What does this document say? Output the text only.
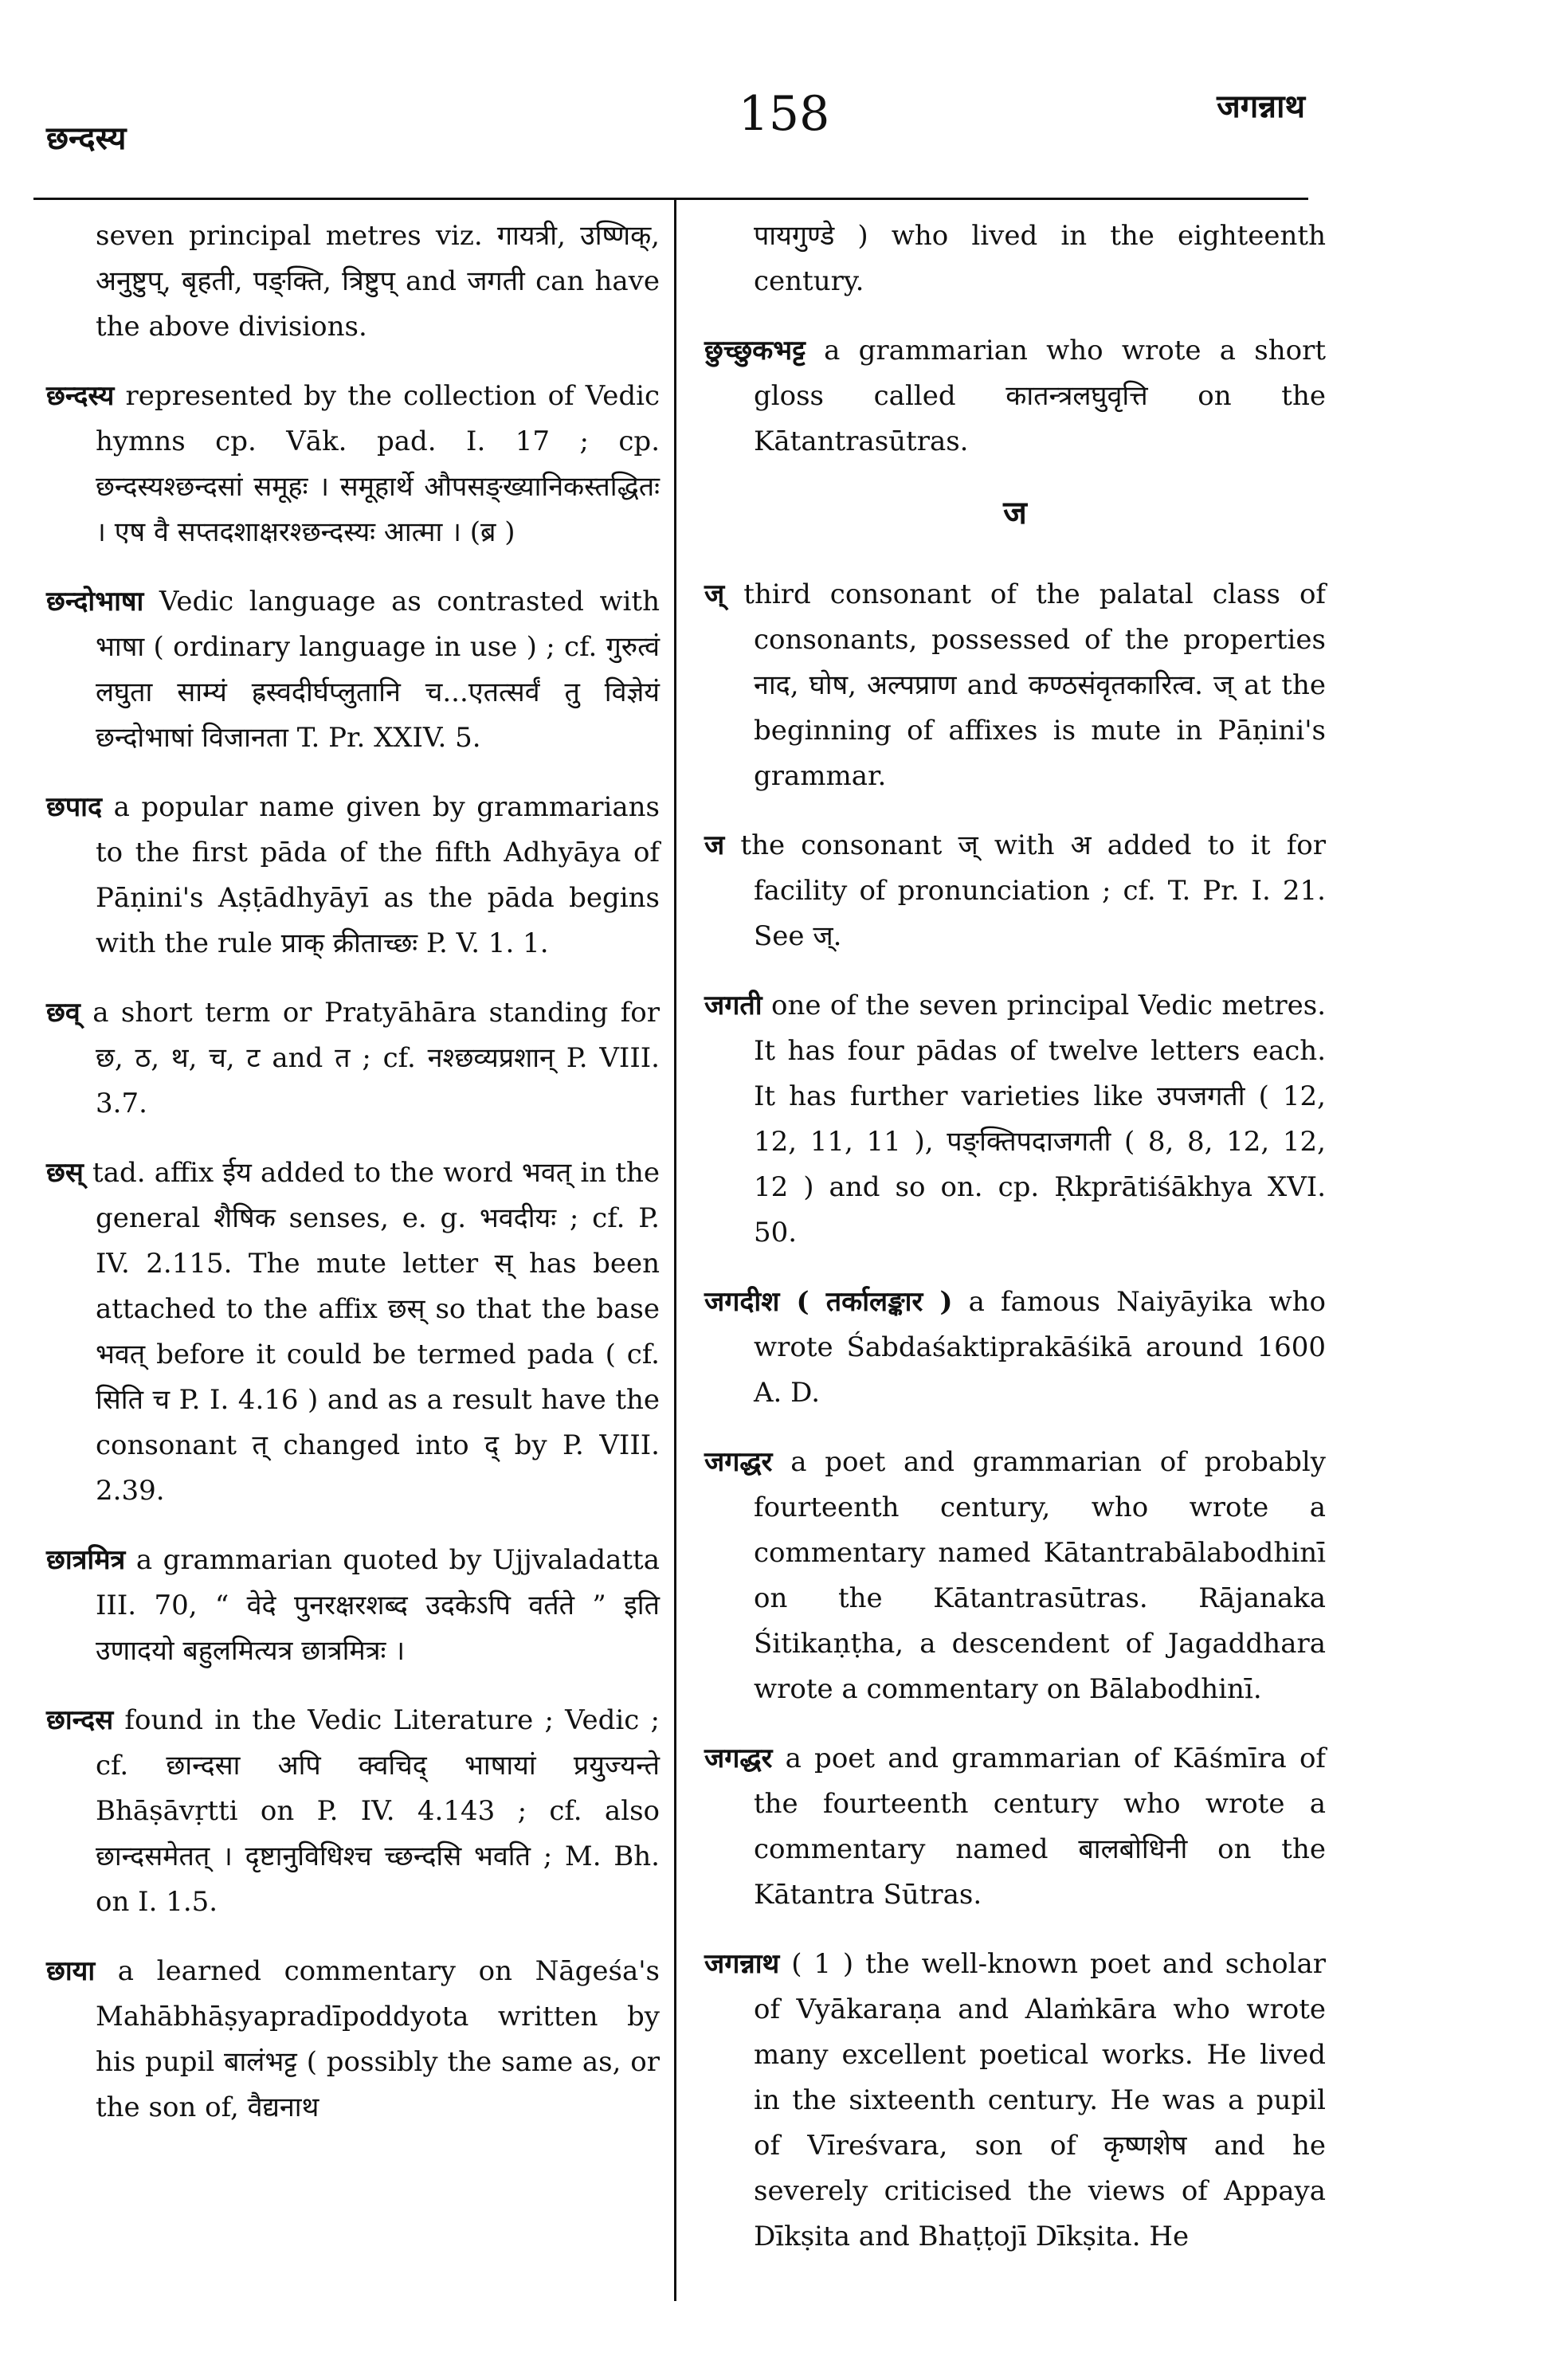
छन्दस्य	158	जगन्नाथ

seven principal metres viz. गायत्री, उष्णिक्, अनुष्टुप्, बृहती, पङ्क्ति, त्रिष्टुप् and जगती can have the above divisions.

छन्दस्य represented by the collection of Vedic hymns cp. Vāk. pad. I. 17 ; cp. छन्दस्यश्छन्दसां समूहः । समूहार्थे औपसङ्ख्यानिकस्तद्धितः । एष वै सप्तदशाक्षरश्छन्दस्यः आत्मा । (ब्र )

छन्दोभाषा Vedic language as contrasted with भाषा ( ordinary language in use ) ; cf. गुरुत्वं लघुता साम्यं ह्रस्वदीर्घप्लुतानि च...एतत्सर्वं तु विज्ञेयं छन्दोभाषां विजानता T. Pr. XXIV. 5.

छपाद a popular name given by grammarians to the first pāda of the fifth Adhyāya of Pāṇini's Aṣṭādhyāyī as the pāda begins with the rule प्राक् क्रीताच्छः P. V. 1. 1.

छव् a short term or Pratyāhāra standing for छ, ठ, थ, च, ट and त ; cf. नश्छव्यप्रशान् P. VIII. 3.7.

छस् tad. affix ईय added to the word भवत् in the general शैषिक senses, e. g. भवदीयः ; cf. P. IV. 2.115. The mute letter स् has been attached to the affix छस् so that the base भवत् before it could be termed pada ( cf. सिति च P. I. 4.16 ) and as a result have the consonant त् changed into द् by P. VIII. 2.39.

छात्रमित्र a grammarian quoted by Ujjvaladatta III. 70, “ वेदे पुनरक्षरशब्द उदकेऽपि वर्तते ” इति उणादयो बहुलमित्यत्र छात्रमित्रः ।

छान्दस found in the Vedic Literature ; Vedic ; cf. छान्दसा अपि क्वचिद् भाषायां प्रयुज्यन्ते Bhāṣāvṛtti on P. IV. 4.143 ; cf. also छान्दसमेतत् । दृष्टानुविधिश्च च्छन्दसि भवति ; M. Bh. on I. 1.5.

छाया a learned commentary on Nāgeśa's Mahābhāṣyapradīpoddyota written by his pupil बालंभट्ट ( possibly the same as, or the son of, वैद्यनाथ

पायगुण्डे ) who lived in the eighteenth century.

छुच्छुकभट्ट a grammarian who wrote a short gloss called कातन्त्रलघुवृत्ति on the Kātantrasūtras.

ज

ज् third consonant of the palatal class of consonants, possessed of the properties नाद, घोष, अल्पप्राण and कण्ठसंवृतकारित्व. ज् at the beginning of affixes is mute in Pāṇini's grammar.

ज the consonant ज् with अ added to it for facility of pronunciation ; cf. T. Pr. I. 21. See ज्.

जगती one of the seven principal Vedic metres. It has four pādas of twelve letters each. It has further varieties like उपजगती ( 12, 12, 11, 11 ), पङ्क्तिपदाजगती ( 8, 8, 12, 12, 12 ) and so on. cp. Ṛkprātiśākhya XVI. 50.

जगदीश ( तर्कालङ्कार ) a famous Naiyāyika who wrote Śabdaśaktiprakāśikā around 1600 A. D.

जगद्धर a poet and grammarian of probably fourteenth century, who wrote a commentary named Kātantrabālabodhinī on the Kātantrasūtras. Rājanaka Śitikaṇṭha, a descendent of Jagaddhara wrote a commentary on Bālabodhinī.

जगद्धर a poet and grammarian of Kāśmīra of the fourteenth century who wrote a commentary named बालबोधिनी on the Kātantra Sūtras.

जगन्नाथ ( 1 ) the well-known poet and scholar of Vyākaraṇa and Alaṁkāra who wrote many excellent poetical works. He lived in the sixteenth century. He was a pupil of Vīreśvara, son of कृष्णशेष and he severely criticised the views of Appaya Dīkṣita and Bhaṭṭojī Dīkṣita. He
